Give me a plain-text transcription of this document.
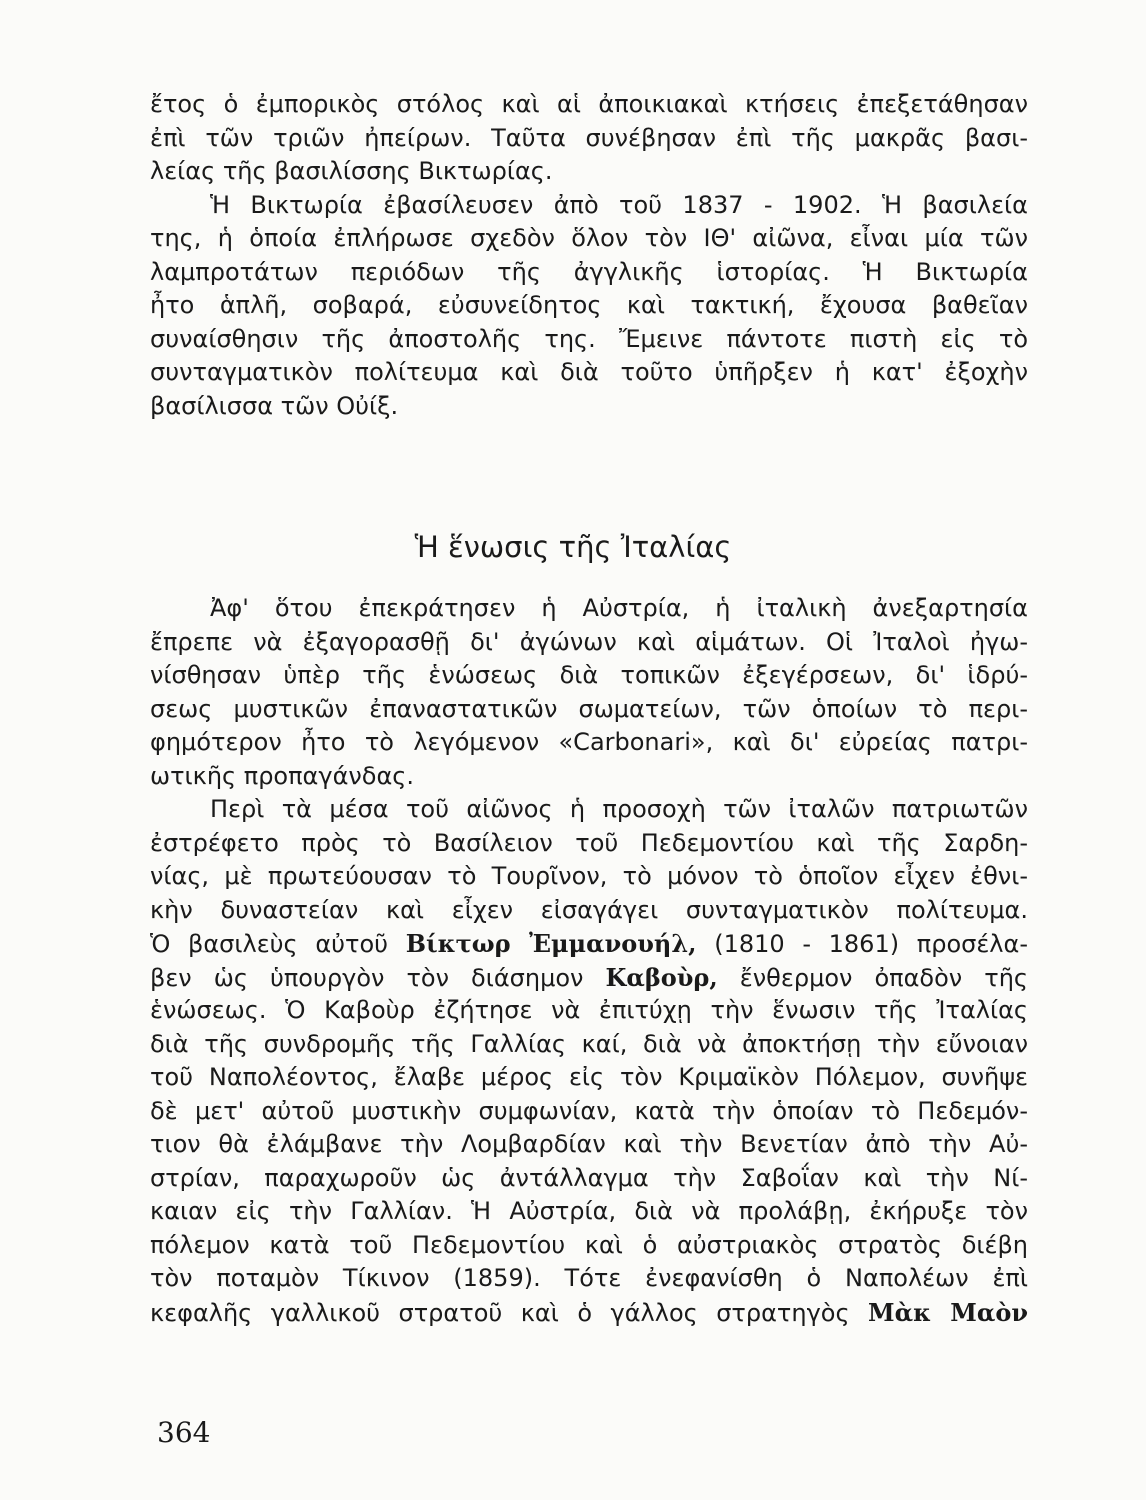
ἔτος ὁ ἐμπορικὸς στόλος καὶ αἱ ἀποικιακαὶ κτήσεις ἐπεξετάθησαν
ἐπὶ τῶν τριῶν ἠπείρων. Ταῦτα συνέβησαν ἐπὶ τῆς μακρᾶς βασι-
λείας τῆς βασιλίσσης Βικτωρίας.
Ἡ Βικτωρία ἐβασίλευσεν ἀπὸ τοῦ 1837 - 1902. Ἡ βασιλεία
της, ἡ ὁποία ἐπλήρωσε σχεδὸν ὅλον τὸν ΙΘ' αἰῶνα, εἶναι μία τῶν
λαμπροτάτων περιόδων τῆς ἀγγλικῆς ἱστορίας. Ἡ Βικτωρία
ἦτο ἁπλῆ, σοβαρά, εὐσυνείδητος καὶ τακτική, ἔχουσα βαθεῖαν
συναίσθησιν τῆς ἀποστολῆς της. Ἔμεινε πάντοτε πιστὴ εἰς τὸ
συνταγματικὸν πολίτευμα καὶ διὰ τοῦτο ὑπῆρξεν ἡ κατ' ἐξοχὴν
βασίλισσα τῶν Οὐίξ.
Ἡ ἕνωσις τῆς Ἰταλίας
Ἀφ' ὅτου ἐπεκράτησεν ἡ Αὐστρία, ἡ ἰταλικὴ ἀνεξαρτησία
ἔπρεπε νὰ ἐξαγορασθῇ δι' ἀγώνων καὶ αἱμάτων. Οἱ Ἰταλοὶ ἠγω-
νίσθησαν ὑπὲρ τῆς ἑνώσεως διὰ τοπικῶν ἐξεγέρσεων, δι' ἱδρύ-
σεως μυστικῶν ἐπαναστατικῶν σωματείων, τῶν ὁποίων τὸ περι-
φημότερον ἦτο τὸ λεγόμενον «Carbonari», καὶ δι' εὐρείας πατρι-
ωτικῆς προπαγάνδας.
Περὶ τὰ μέσα τοῦ αἰῶνος ἡ προσοχὴ τῶν ἰταλῶν πατριωτῶν
ἐστρέφετο πρὸς τὸ Βασίλειον τοῦ Πεδεμοντίου καὶ τῆς Σαρδη-
νίας, μὲ πρωτεύουσαν τὸ Τουρῖνον, τὸ μόνον τὸ ὁποῖον εἶχεν ἐθνι-
κὴν δυναστείαν καὶ εἶχεν εἰσαγάγει συνταγματικὸν πολίτευμα.
Ὁ βασιλεὺς αὐτοῦ Βίκτωρ Ἐμμανουήλ, (1810 - 1861) προσέλα-
βεν ὡς ὑπουργὸν τὸν διάσημον Καβοὺρ, ἔνθερμον ὀπαδὸν τῆς
ἑνώσεως. Ὁ Καβοὺρ ἐζήτησε νὰ ἐπιτύχῃ τὴν ἕνωσιν τῆς Ἰταλίας
διὰ τῆς συνδρομῆς τῆς Γαλλίας καί, διὰ νὰ ἀποκτήσῃ τὴν εὔνοιαν
τοῦ Ναπολέοντος, ἔλαβε μέρος εἰς τὸν Κριμαϊκὸν Πόλεμον, συνῆψε
δὲ μετ' αὐτοῦ μυστικὴν συμφωνίαν, κατὰ τὴν ὁποίαν τὸ Πεδεμόν-
τιον θὰ ἐλάμβανε τὴν Λομβαρδίαν καὶ τὴν Βενετίαν ἀπὸ τὴν Αὐ-
στρίαν, παραχωροῦν ὡς ἀντάλλαγμα τὴν Σαβοΐαν καὶ τὴν Νί-
καιαν εἰς τὴν Γαλλίαν. Ἡ Αὐστρία, διὰ νὰ προλάβῃ, ἐκήρυξε τὸν
πόλεμον κατὰ τοῦ Πεδεμοντίου καὶ ὁ αὐστριακὸς στρατὸς διέβη
τὸν ποταμὸν Τίκινον (1859). Τότε ἐνεφανίσθη ὁ Ναπολέων ἐπὶ
κεφαλῆς γαλλικοῦ στρατοῦ καὶ ὁ γάλλος στρατηγὸς Μὰκ Μαὸν
364
